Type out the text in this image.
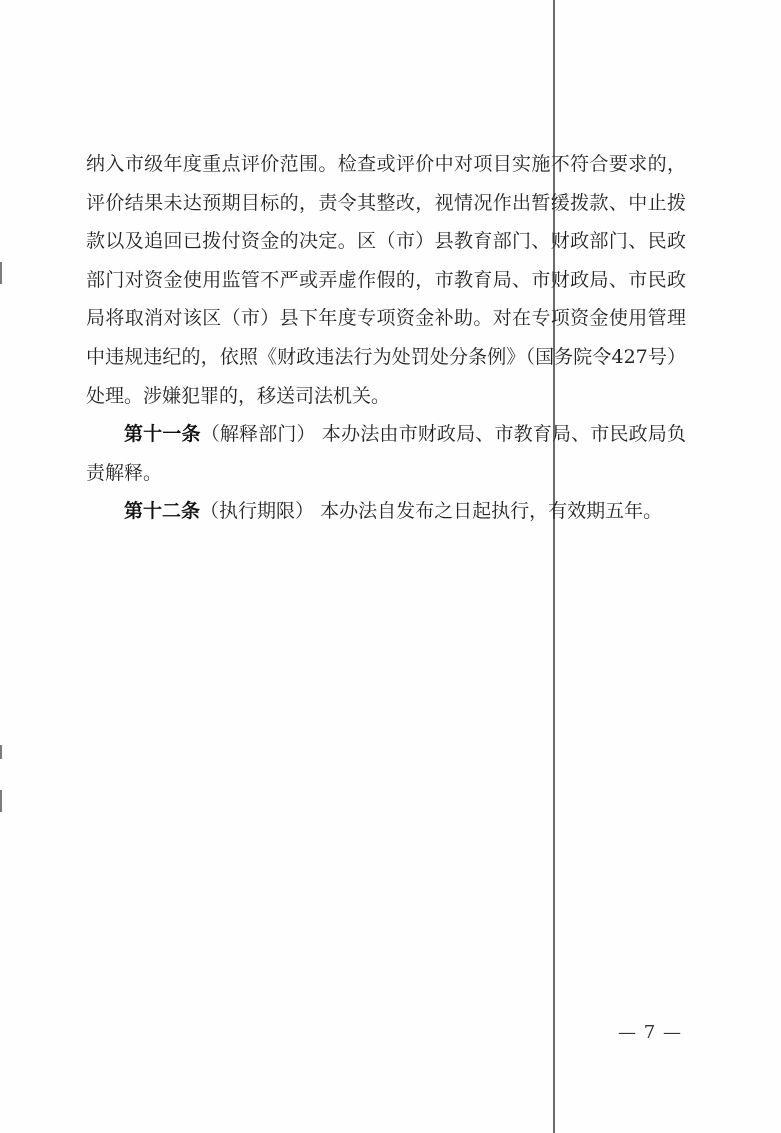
纳入市级年度重点评价范围。检查或评价中对项目实施不符合要求的，评价结果未达预期目标的，责令其整改，视情况作出暂缓拨款、中止拨款以及追回已拨付资金的决定。区（市）县教育部门、财政部门、民政部门对资金使用监管不严或弄虚作假的，市教育局、市财政局、市民政局将取消对该区（市）县下年度专项资金补助。对在专项资金使用管理中违规违纪的，依照《财政违法行为处罚处分条例》（国务院令427号）处理。涉嫌犯罪的，移送司法机关。

第十一条（解释部门） 本办法由市财政局、市教育局、市民政局负责解释。

第十二条（执行期限） 本办法自发布之日起执行，有效期五年。

— 7 —
